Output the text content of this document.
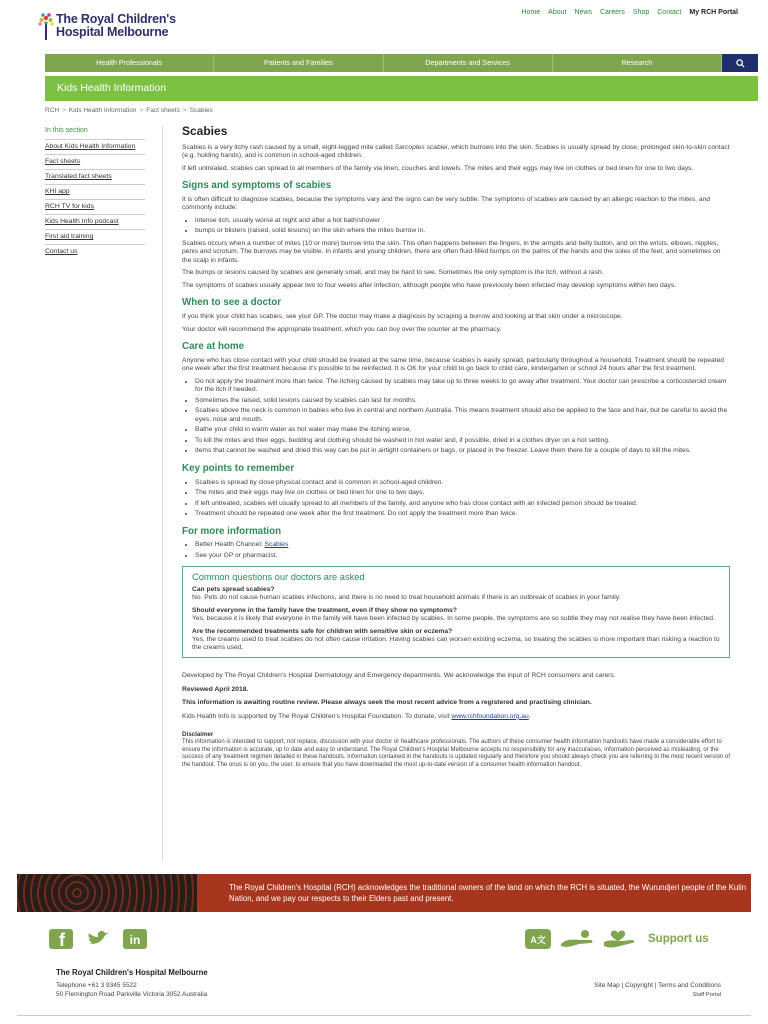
The Royal Children's
Hospital Melbourne
Home About News Careers Shop Contact My RCH Portal
Health Professionals	Patients and Families	Departments and Services	Research
Kids Health Information
RCH > Kids Health Information > Fact sheets > Scabies
In this section
About Kids Health Information
Fact sheets
Translated fact sheets
KHI app
RCH TV for kids
Kids Health Info podcast
First aid training
Contact us
Scabies

Scabies is a very itchy rash caused by a small, eight-legged mite called Sarcoptes scabiei, which burrows into the skin. Scabies is usually spread by close, prolonged skin-to-skin contact (e.g. holding hands), and is common in school-aged children.

If left untreated, scabies can spread to all members of the family via linen, couches and towels. The mites and their eggs may live on clothes or bed linen for one to two days.

Signs and symptoms of scabies

It is often difficult to diagnose scabies, because the symptoms vary and the signs can be very subtle. The symptoms of scabies are caused by an allergic reaction to the mites, and commonly include:

• intense itch, usually worse at night and after a hot bath/shower
• bumps or blisters (raised, solid lesions) on the skin where the mites burrow in.

Scabies occurs when a number of mites (10 or more) burrow into the skin. This often happens between the fingers, in the armpits and belly button, and on the wrists, elbows, nipples, penis and scrotum. The burrows may be visible. In infants and young children, there are often fluid-filled bumps on the palms of the hands and the soles of the feet, and sometimes on the scalp in infants.

The bumps or lesions caused by scabies are generally small, and may be hard to see. Sometimes the only symptom is the itch, without a rash.

The symptoms of scabies usually appear two to four weeks after infection, although people who have previously been infected may develop symptoms within two days.

When to see a doctor

If you think your child has scabies, see your GP. The doctor may make a diagnosis by scraping a burrow and looking at that skin under a microscope.

Your doctor will recommend the appropriate treatment, which you can buy over the counter at the pharmacy.

Care at home

Anyone who has close contact with your child should be treated at the same time, because scabies is easily spread, particularly throughout a household. Treatment should be repeated one week after the first treatment because it's possible to be reinfected. It is OK for your child to go back to child care, kindergarten or school 24 hours after the first treatment.

• Do not apply the treatment more than twice. The itching caused by scabies may take up to three weeks to go away after treatment. Your doctor can prescribe a corticosteroid cream for the itch if needed.
• Sometimes the raised, solid lesions caused by scabies can last for months.
• Scabies above the neck is common in babies who live in central and northern Australia. This means treatment should also be applied to the face and hair, but be careful to avoid the eyes, nose and mouth.
• Bathe your child in warm water as hot water may make the itching worse.
• To kill the mites and their eggs, bedding and clothing should be washed in hot water and, if possible, dried in a clothes dryer on a hot setting.
• Items that cannot be washed and dried this way can be put in airtight containers or bags, or placed in the freezer. Leave them there for a couple of days to kill the mites.
Key points to remember
• Scabies is spread by close physical contact and is common in school-aged children.
• The mites and their eggs may live on clothes or bed linen for one to two days.
• If left untreated, scabies will usually spread to all members of the family, and anyone who has close contact with an infected person should be treated.
• Treatment should be repeated one week after the first treatment. Do not apply the treatment more than twice.
For more information
• Better Health Channel: Scabies
• See your GP or pharmacist.
Common questions our doctors are asked
Can pets spread scabies?
No. Pets do not cause human scabies infections, and there is no need to treat household animals if there is an outbreak of scabies in your family.
Should everyone in the family have the treatment, even if they show no symptoms?
Yes, because it is likely that everyone in the family will have been infected by scabies. In some people, the symptoms are so subtle they may not realise they have been infected.
Are the recommended treatments safe for children with sensitive skin or eczema?
Yes, the creams used to treat scabies do not often cause irritation. Having scabies can worsen existing eczema, so treating the scabies is more important than risking a reaction to the creams used.

Developed by The Royal Children's Hospital Dermatology and Emergency departments. We acknowledge the input of RCH consumers and carers.

Reviewed April 2018.

This information is awaiting routine review. Please always seek the most recent advice from a registered and practising clinician.

Kids Health Info is supported by The Royal Children's Hospital Foundation. To donate, visit www.rchfoundation.org.au.

Disclaimer
This information is intended to support, not replace, discussion with your doctor or healthcare professionals. The authors of these consumer health information handouts have made a considerable effort to ensure the information is accurate, up to date and easy to understand. The Royal Children's Hospital Melbourne accepts no responsibility for any inaccuracies, information perceived as misleading, or the success of any treatment regimen detailed in these handouts. Information contained in the handouts is updated regularly and therefore you should always check you are referring to the most recent version of the handout. The onus is on you, the user, to ensure that you have downloaded the most up-to-date version of a consumer health information handout.
The Royal Children's Hospital (RCH) acknowledges the traditional owners of the land on which the RCH is situated, the Wurundjeri people of the Kulin Nation, and we pay our respects to their Elders past and present.
f	in	A文	Support us
The Royal Children's Hospital Melbourne
Telephone +61 3 9345 5522
50 Flemington Road Parkville Victoria 3052 Australia
Site Map | Copyright | Terms and Conditions
Staff Portal
